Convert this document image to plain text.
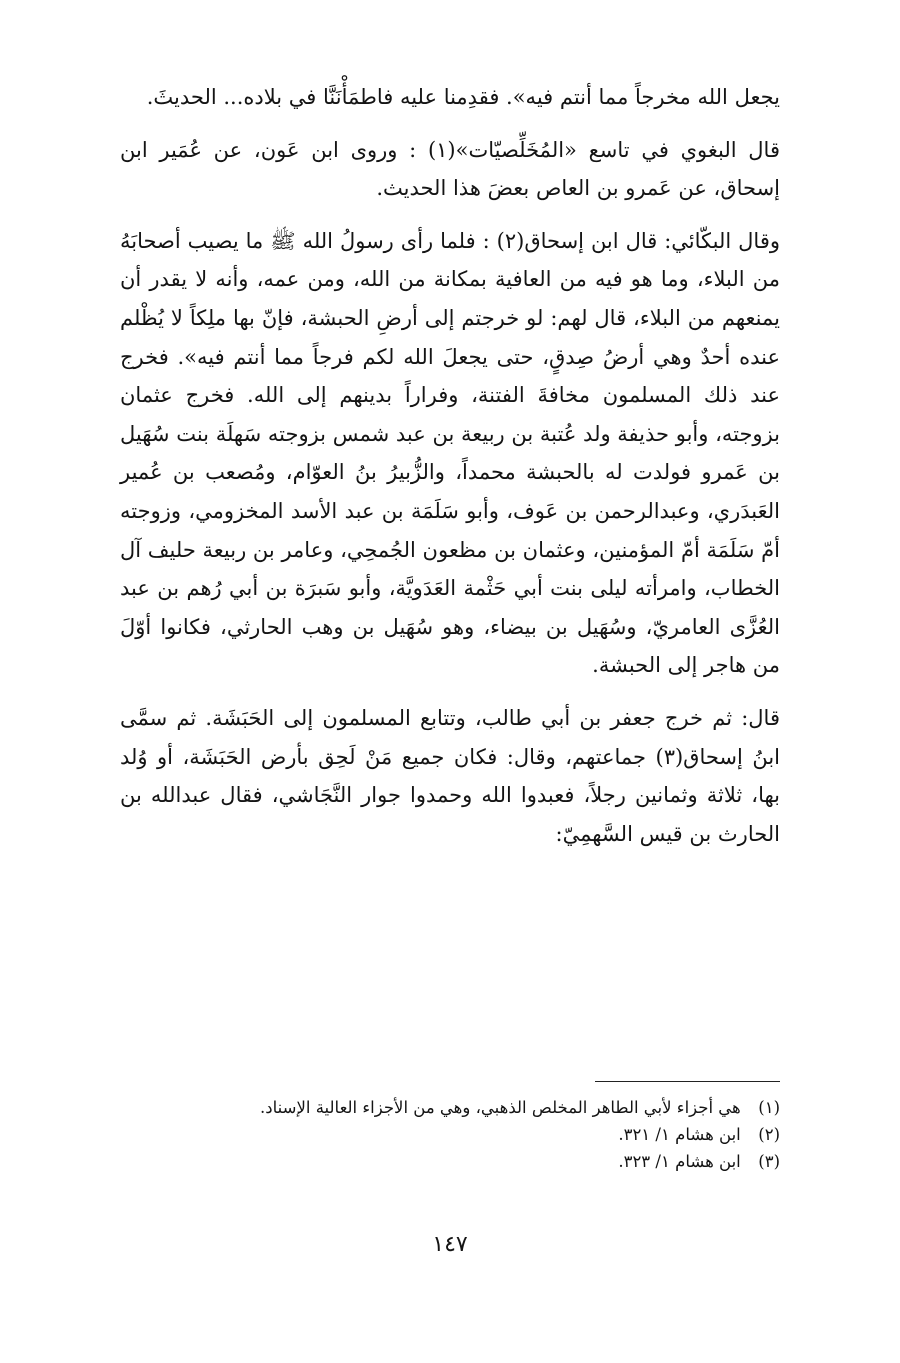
يجعل الله مخرجاً مما أنتم فيه». فقدِمنا عليه فاطمَأْنَنَّا في بلاده... الحديثَ.

قال البغوي في تاسع «المُخَلِّصيّات»(١) : وروى ابن عَون، عن عُمَير ابن إسحاق، عن عَمرو بن العاص بعضَ هذا الحديث.

وقال البكّائي: قال ابن إسحاق(٢) : فلما رأى رسولُ الله ﷺ ما يصيب أصحابَهُ من البلاء، وما هو فيه من العافية بمكانة من الله، ومن عمه، وأنه لا يقدر أن يمنعهم من البلاء، قال لهم: لو خرجتم إلى أرضِ الحبشة، فإنّ بها ملِكاً لا يُظْلم عنده أحدٌ وهي أرضُ صِدقٍ، حتى يجعلَ الله لكم فرجاً مما أنتم فيه». فخرج عند ذلك المسلمون مخافةَ الفتنة، وفراراً بدينهم إلى الله. فخرج عثمان بزوجته، وأبو حذيفة ولد عُتبة بن ربيعة بن عبد شمس بزوجته سَهلَة بنت سُهَيل بن عَمرو فولدت له بالحبشة محمداً، والزُّبيرُ بنُ العوّام، ومُصعب بن عُمير العَبدَري، وعبدالرحمن بن عَوف، وأبو سَلَمَة بن عبد الأسد المخزومي، وزوجته أمّ سَلَمَة أمّ المؤمنين، وعثمان بن مظعون الجُمحِي، وعامر بن ربيعة حليف آل الخطاب، وامرأته ليلى بنت أبي حَثْمة العَدَويَّة، وأبو سَبرَة بن أبي رُهم بن عبد العُزَّى العامريّ، وسُهَيل بن بيضاء، وهو سُهَيل بن وهب الحارثي، فكانوا أوّلَ من هاجر إلى الحبشة.

قال: ثم خرج جعفر بن أبي طالب، وتتابع المسلمون إلى الحَبَشَة. ثم سمَّى ابنُ إسحاق(٣) جماعتهم، وقال: فكان جميع مَنْ لَحِق بأرض الحَبَشَة، أو وُلد بها، ثلاثة وثمانين رجلاً، فعبدوا الله وحمدوا جوار النَّجَاشي، فقال عبدالله بن الحارث بن قيس السَّهمِيّ:

(١) هي أجزاء لأبي الطاهر المخلص الذهبي، وهي من الأجزاء العالية الإسناد.

(٢) ابن هشام ١/ ٣٢١.

(٣) ابن هشام ١/ ٣٢٣.

١٤٧
